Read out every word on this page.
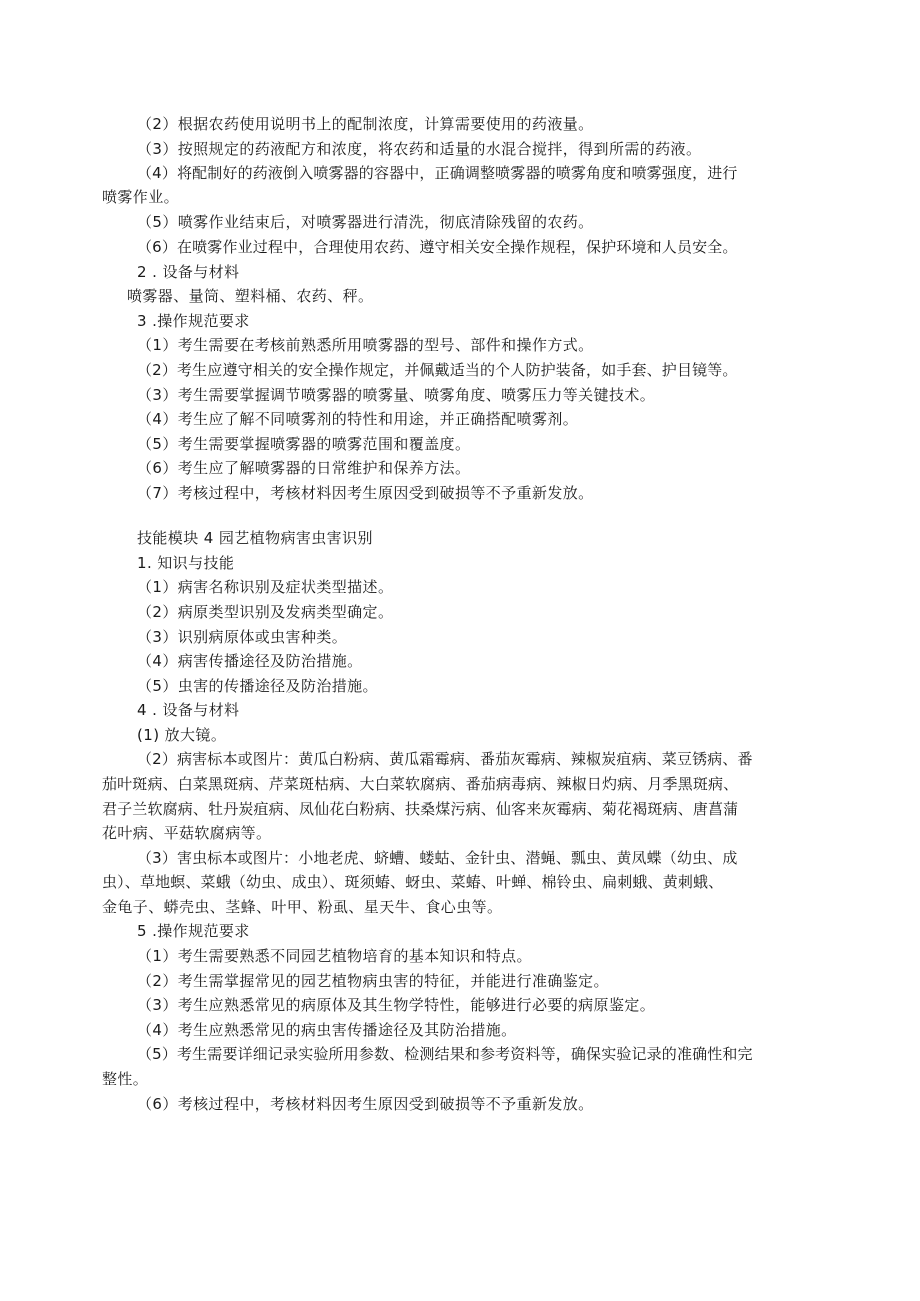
（2）根据农药使用说明书上的配制浓度，计算需要使用的药液量。
（3）按照规定的药液配方和浓度，将农药和适量的水混合搅拌，得到所需的药液。
（4）将配制好的药液倒入喷雾器的容器中，正确调整喷雾器的喷雾角度和喷雾强度，进行
喷雾作业。
（5）喷雾作业结束后，对喷雾器进行清洗，彻底清除残留的农药。
（6）在喷雾作业过程中，合理使用农药、遵守相关安全操作规程，保护环境和人员安全。
2 . 设备与材料
喷雾器、量筒、塑料桶、农药、秤。
3 .操作规范要求
（1）考生需要在考核前熟悉所用喷雾器的型号、部件和操作方式。
（2）考生应遵守相关的安全操作规定，并佩戴适当的个人防护装备，如手套、护目镜等。
（3）考生需要掌握调节喷雾器的喷雾量、喷雾角度、喷雾压力等关键技术。
（4）考生应了解不同喷雾剂的特性和用途，并正确搭配喷雾剂。
（5）考生需要掌握喷雾器的喷雾范围和覆盖度。
（6）考生应了解喷雾器的日常维护和保养方法。
（7）考核过程中，考核材料因考生原因受到破损等不予重新发放。
技能模块 4 园艺植物病害虫害识别
1. 知识与技能
（1）病害名称识别及症状类型描述。
（2）病原类型识别及发病类型确定。
（3）识别病原体或虫害种类。
（4）病害传播途径及防治措施。
（5）虫害的传播途径及防治措施。
4 . 设备与材料
(1) 放大镜。
（2）病害标本或图片：黄瓜白粉病、黄瓜霜霉病、番茄灰霉病、辣椒炭疽病、菜豆锈病、番
茄叶斑病、白菜黑斑病、芹菜斑枯病、大白菜软腐病、番茄病毒病、辣椒日灼病、月季黑斑病、
君子兰软腐病、牡丹炭疽病、凤仙花白粉病、扶桑煤污病、仙客来灰霉病、菊花褐斑病、唐菖蒲
花叶病、平菇软腐病等。
（3）害虫标本或图片：小地老虎、蛴螬、蝼蛄、金针虫、潜蝇、瓢虫、黄凤蝶（幼虫、成
虫）、草地螟、菜蛾（幼虫、成虫）、斑须蝽、蚜虫、菜蝽、叶蝉、棉铃虫、扁刺蛾、黄刺蛾、
金龟子、蟒壳虫、茎蜂、叶甲、粉虱、星天牛、食心虫等。
5 .操作规范要求
（1）考生需要熟悉不同园艺植物培育的基本知识和特点。
（2）考生需掌握常见的园艺植物病虫害的特征，并能进行准确鉴定。
（3）考生应熟悉常见的病原体及其生物学特性，能够进行必要的病原鉴定。
（4）考生应熟悉常见的病虫害传播途径及其防治措施。
（5）考生需要详细记录实验所用参数、检测结果和参考资料等，确保实验记录的准确性和完
整性。
（6）考核过程中，考核材料因考生原因受到破损等不予重新发放。
